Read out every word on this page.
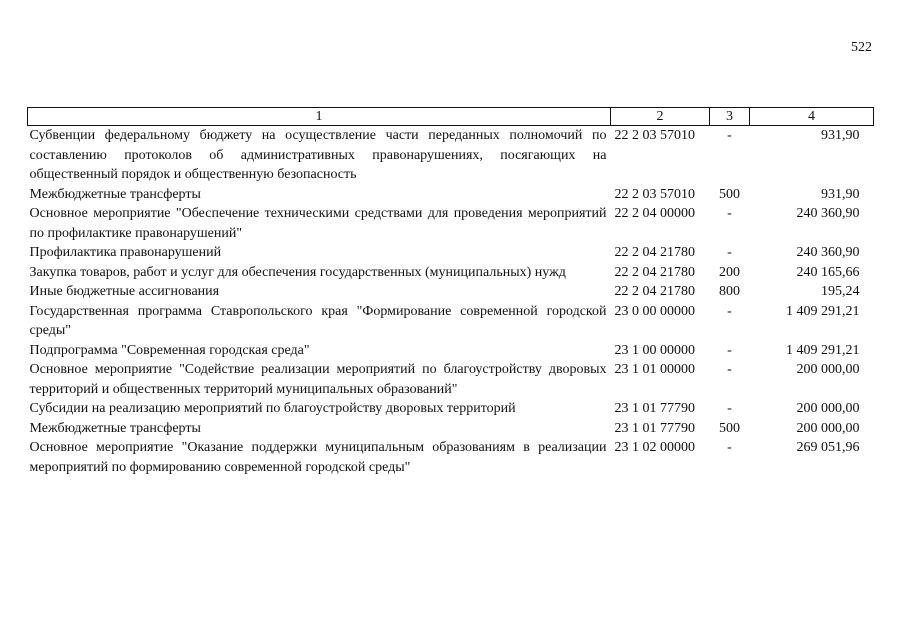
522
1	2	3	4
Субвенции федеральному бюджету на осуществление части переданных полномочий по составлению протоколов об административных правонарушениях, посягающих на общественный порядок и общественную безопасность	22 2 03 57010	-	931,90
Межбюджетные трансферты	22 2 03 57010	500	931,90
Основное мероприятие "Обеспечение техническими средствами для проведения мероприятий по профилактике правонарушений"	22 2 04 00000	-	240 360,90
Профилактика правонарушений	22 2 04 21780	-	240 360,90
Закупка товаров, работ и услуг для обеспечения государственных (муниципальных) нужд	22 2 04 21780	200	240 165,66
Иные бюджетные ассигнования	22 2 04 21780	800	195,24
Государственная программа Ставропольского края "Формирование современной городской среды"	23 0 00 00000	-	1 409 291,21
Подпрограмма "Современная городская среда"	23 1 00 00000	-	1 409 291,21
Основное мероприятие "Содействие реализации мероприятий по благоустройству дворовых территорий и общественных территорий муниципальных образований"	23 1 01 00000	-	200 000,00
Субсидии на реализацию мероприятий по благоустройству дворовых территорий	23 1 01 77790	-	200 000,00
Межбюджетные трансферты	23 1 01 77790	500	200 000,00
Основное мероприятие "Оказание поддержки муниципальным образованиям в реализации мероприятий по формированию современной городской среды"	23 1 02 00000	-	269 051,96
